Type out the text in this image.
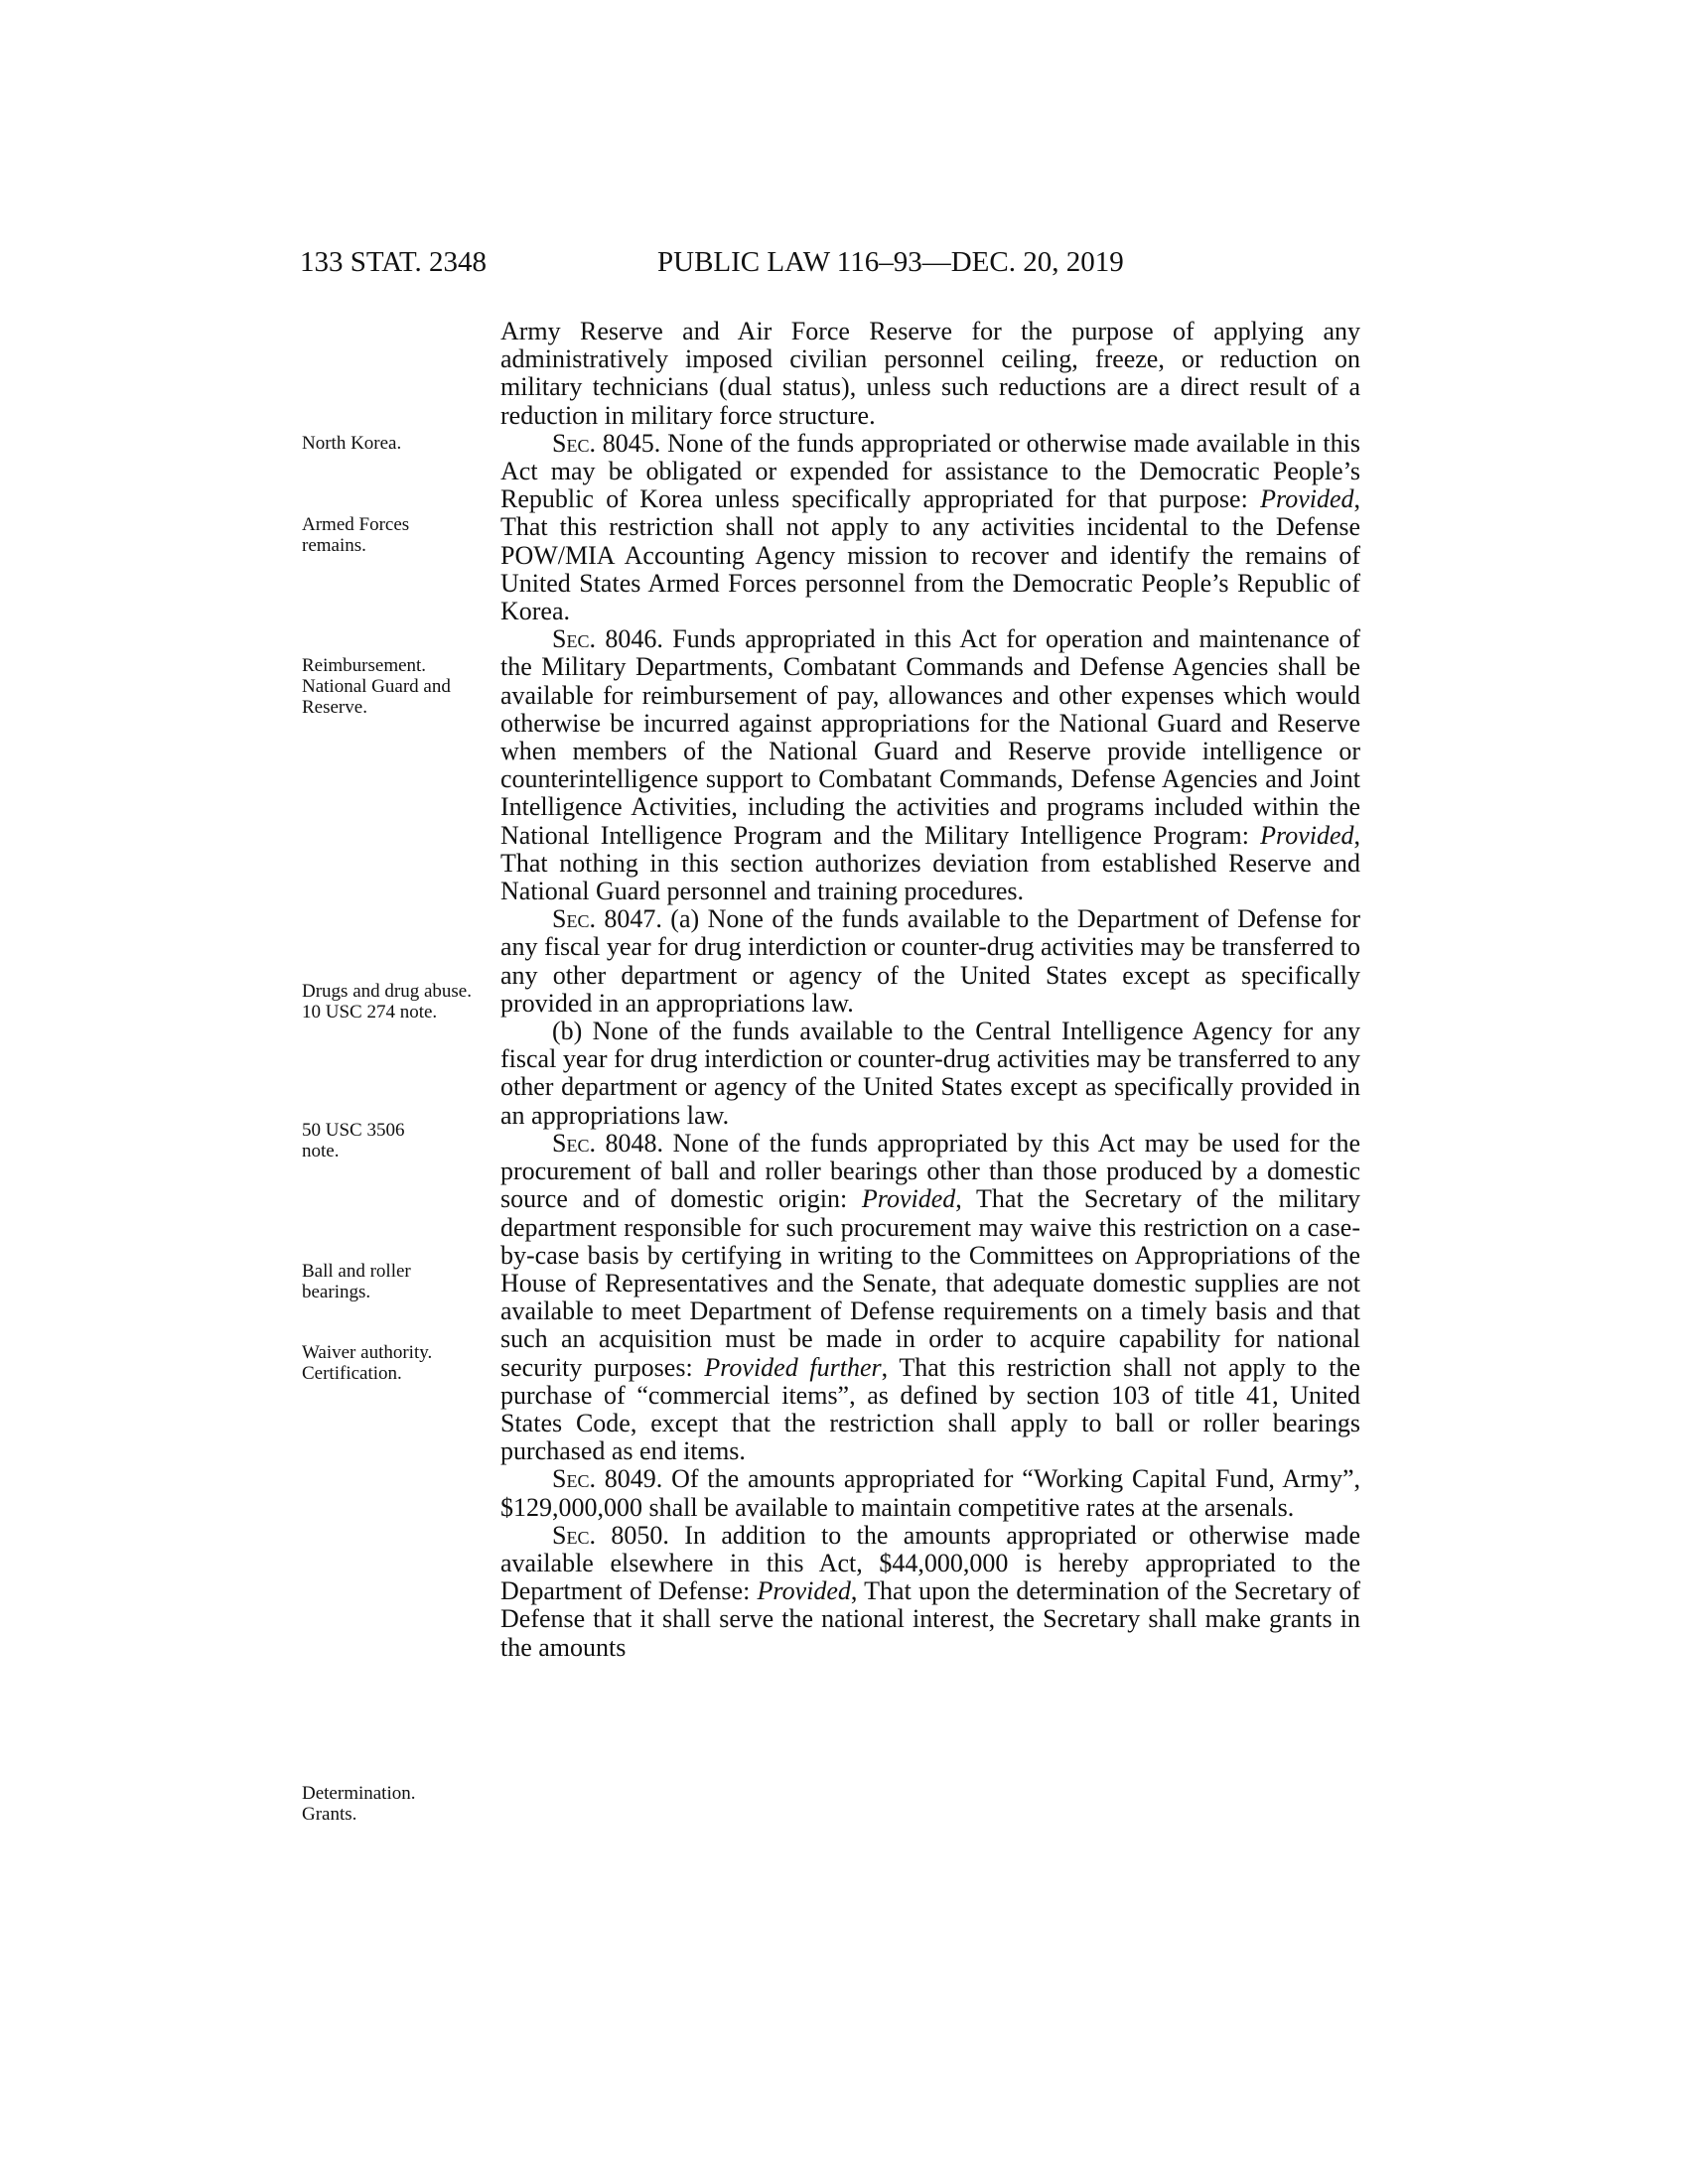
133 STAT. 2348	PUBLIC LAW 116–93—DEC. 20, 2019
North Korea.
Armed Forces remains.
Reimbursement. National Guard and Reserve.
Drugs and drug abuse. 10 USC 274 note.
50 USC 3506 note.
Ball and roller bearings.
Waiver authority. Certification.
Determination. Grants.

Army Reserve and Air Force Reserve for the purpose of applying any administratively imposed civilian personnel ceiling, freeze, or reduction on military technicians (dual status), unless such reductions are a direct result of a reduction in military force structure.

Sec. 8045. None of the funds appropriated or otherwise made available in this Act may be obligated or expended for assistance to the Democratic People’s Republic of Korea unless specifically appropriated for that purpose: Provided, That this restriction shall not apply to any activities incidental to the Defense POW/MIA Accounting Agency mission to recover and identify the remains of United States Armed Forces personnel from the Democratic People’s Republic of Korea.

Sec. 8046. Funds appropriated in this Act for operation and maintenance of the Military Departments, Combatant Commands and Defense Agencies shall be available for reimbursement of pay, allowances and other expenses which would otherwise be incurred against appropriations for the National Guard and Reserve when members of the National Guard and Reserve provide intelligence or counterintelligence support to Combatant Commands, Defense Agencies and Joint Intelligence Activities, including the activities and programs included within the National Intelligence Program and the Military Intelligence Program: Provided, That nothing in this section authorizes deviation from established Reserve and National Guard personnel and training procedures.

Sec. 8047. (a) None of the funds available to the Department of Defense for any fiscal year for drug interdiction or counter-drug activities may be transferred to any other department or agency of the United States except as specifically provided in an appropriations law.

(b) None of the funds available to the Central Intelligence Agency for any fiscal year for drug interdiction or counter-drug activities may be transferred to any other department or agency of the United States except as specifically provided in an appropriations law.

Sec. 8048. None of the funds appropriated by this Act may be used for the procurement of ball and roller bearings other than those produced by a domestic source and of domestic origin: Provided, That the Secretary of the military department responsible for such procurement may waive this restriction on a case-by-case basis by certifying in writing to the Committees on Appropriations of the House of Representatives and the Senate, that adequate domestic supplies are not available to meet Department of Defense requirements on a timely basis and that such an acquisition must be made in order to acquire capability for national security purposes: Provided further, That this restriction shall not apply to the purchase of “commercial items”, as defined by section 103 of title 41, United States Code, except that the restriction shall apply to ball or roller bearings purchased as end items.

Sec. 8049. Of the amounts appropriated for “Working Capital Fund, Army”, $129,000,000 shall be available to maintain competitive rates at the arsenals.

Sec. 8050. In addition to the amounts appropriated or otherwise made available elsewhere in this Act, $44,000,000 is hereby appropriated to the Department of Defense: Provided, That upon the determination of the Secretary of Defense that it shall serve the national interest, the Secretary shall make grants in the amounts
